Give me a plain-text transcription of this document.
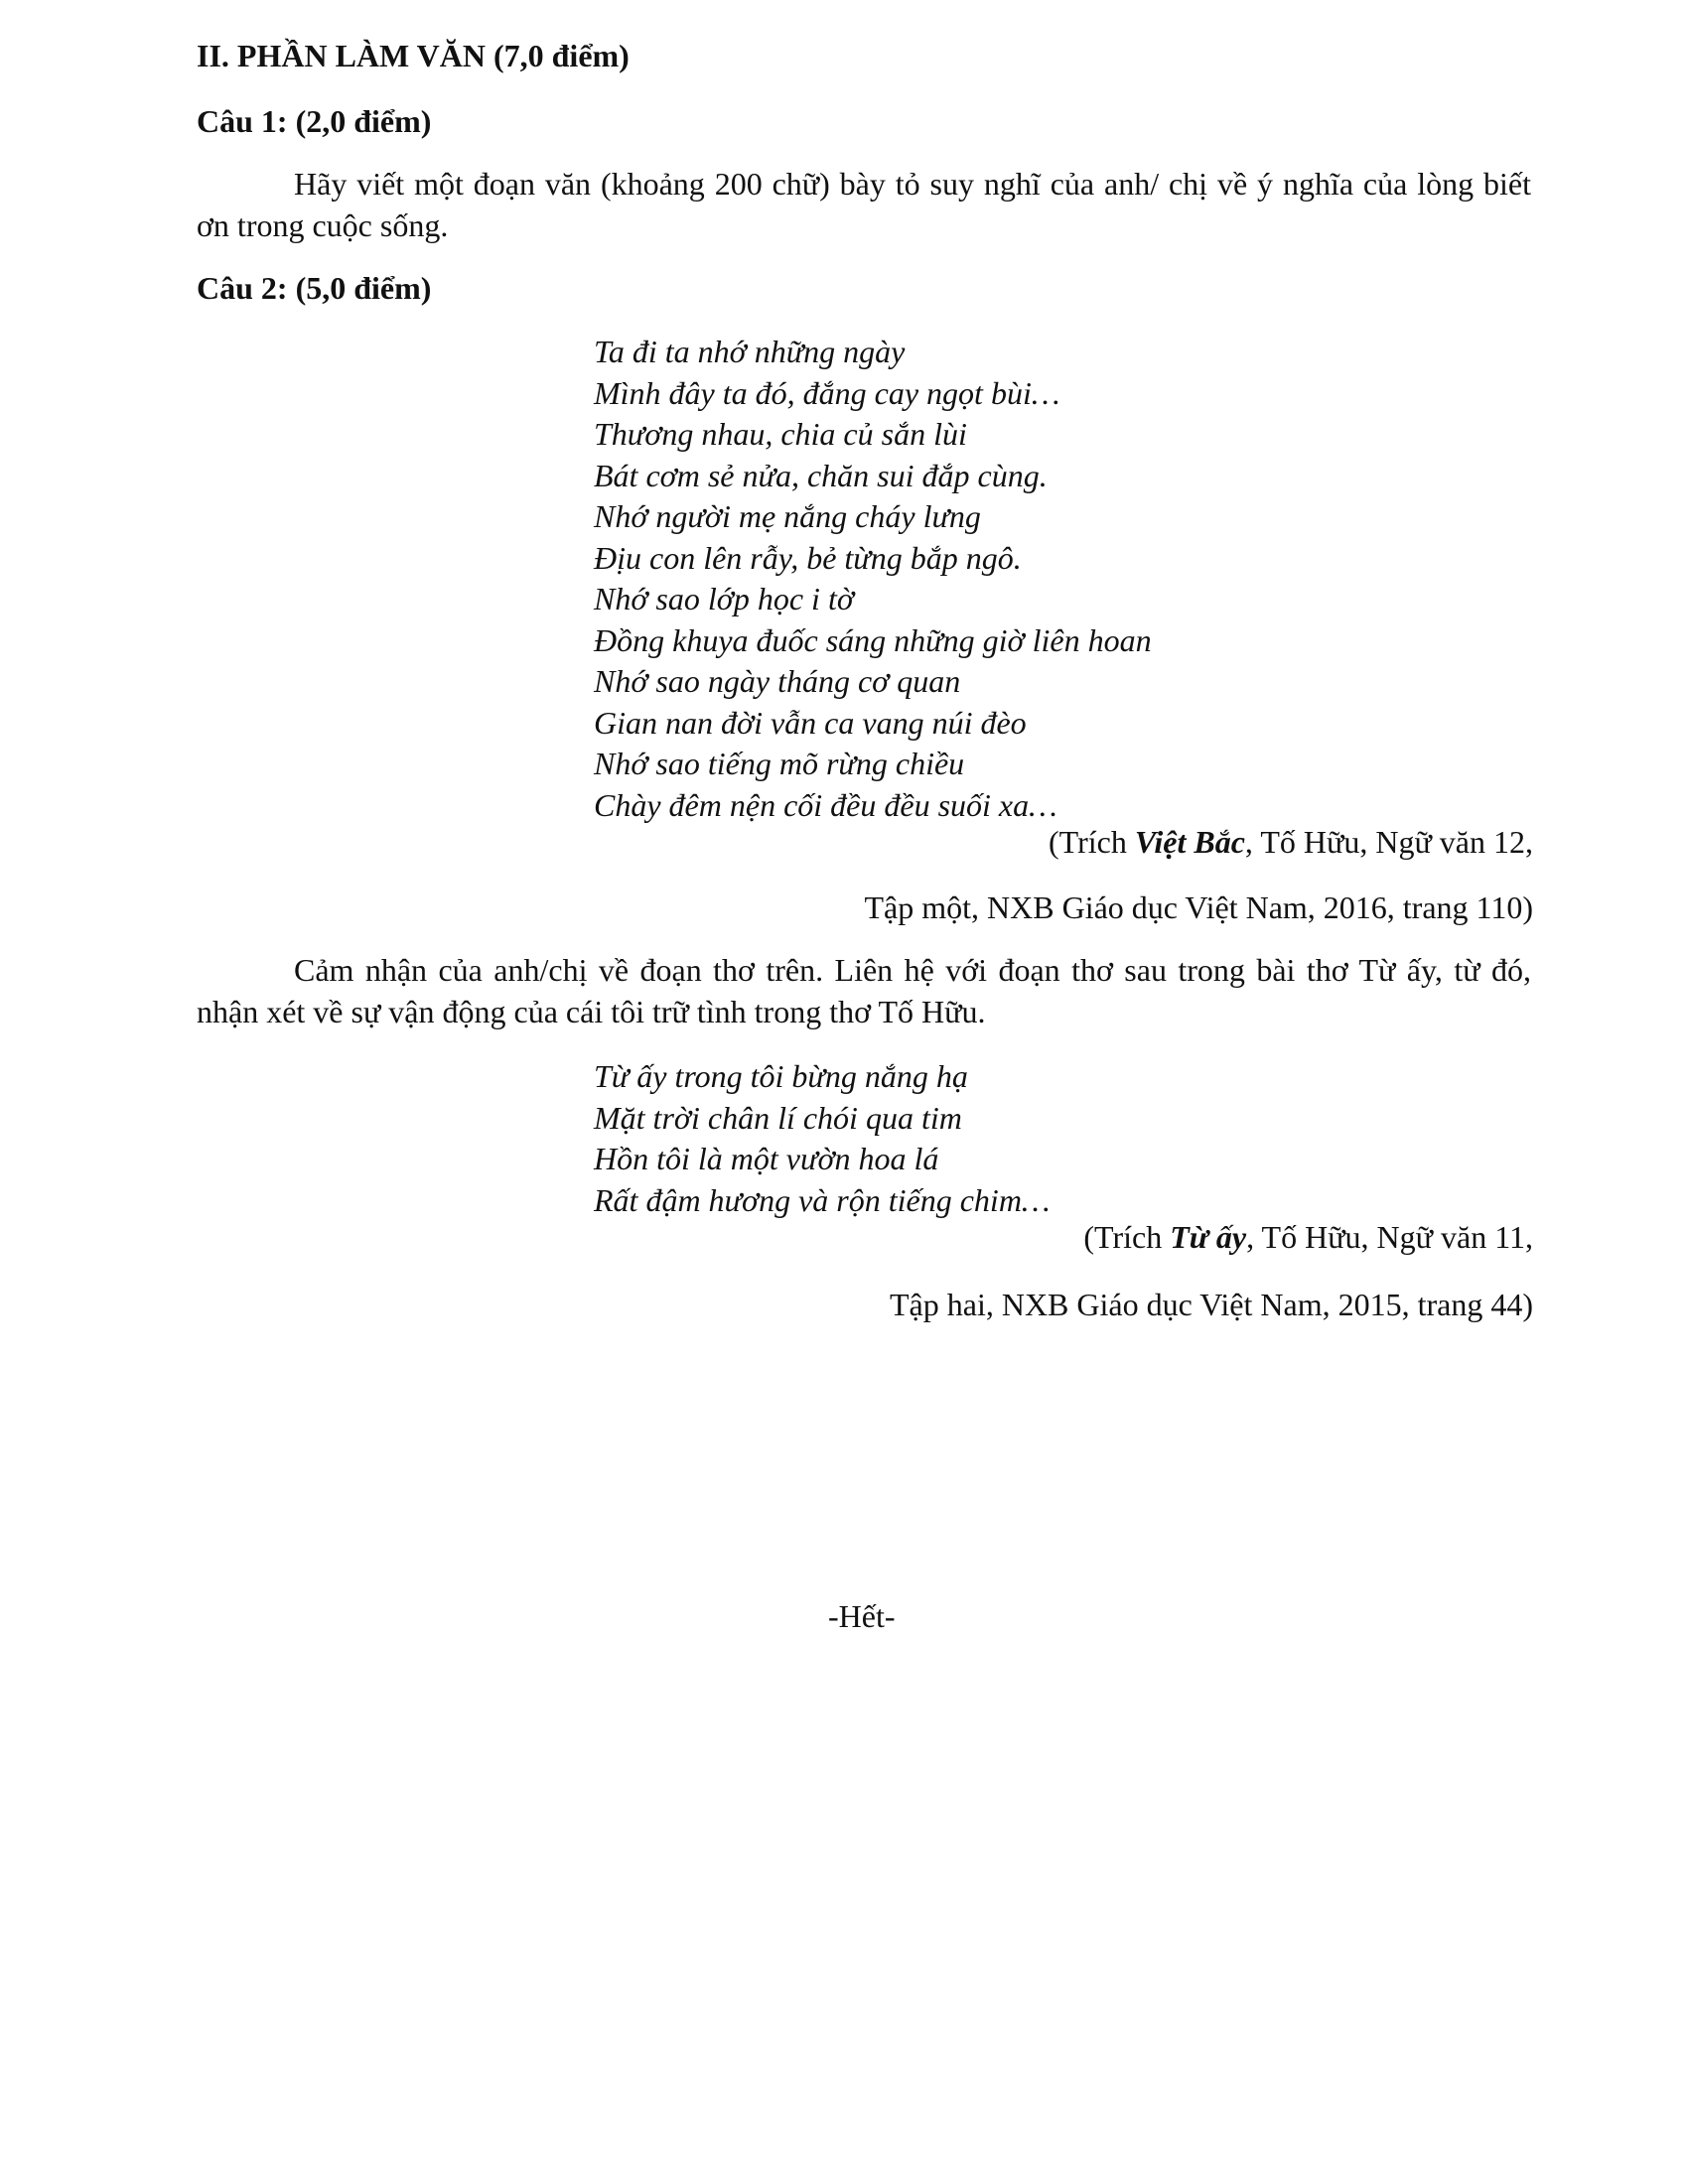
II. PHẦN LÀM VĂN (7,0 điểm)
Câu 1: (2,0 điểm)

Hãy viết một đoạn văn (khoảng 200 chữ) bày tỏ suy nghĩ của anh/ chị về ý nghĩa của lòng biết ơn trong cuộc sống.

Câu 2: (5,0 điểm)
Ta đi ta nhớ những ngày
Mình đây ta đó, đắng cay ngọt bùi…
Thương nhau, chia củ sắn lùi
Bát cơm sẻ nửa, chăn sui đắp cùng.
Nhớ người mẹ nắng cháy lưng
Địu con lên rẫy, bẻ từng bắp ngô.
Nhớ sao lớp học i tờ
Đồng khuya đuốc sáng những giờ liên hoan
Nhớ sao ngày tháng cơ quan
Gian nan đời vẫn ca vang núi đèo
Nhớ sao tiếng mõ rừng chiều
Chày đêm nện cối đều đều suối xa…

(Trích Việt Bắc, Tố Hữu, Ngữ văn 12,

Tập một, NXB Giáo dục Việt Nam, 2016, trang 110)

Cảm nhận của anh/chị về đoạn thơ trên. Liên hệ với đoạn thơ sau trong bài thơ Từ ấy, từ đó, nhận xét về sự vận động của cái tôi trữ tình trong thơ Tố Hữu.

Từ ấy trong tôi bừng nắng hạ
Mặt trời chân lí chói qua tim
Hồn tôi là một vườn hoa lá
Rất đậm hương và rộn tiếng chim…

(Trích Từ ấy, Tố Hữu, Ngữ văn 11,

Tập hai, NXB Giáo dục Việt Nam, 2015, trang 44)

-Hết-
